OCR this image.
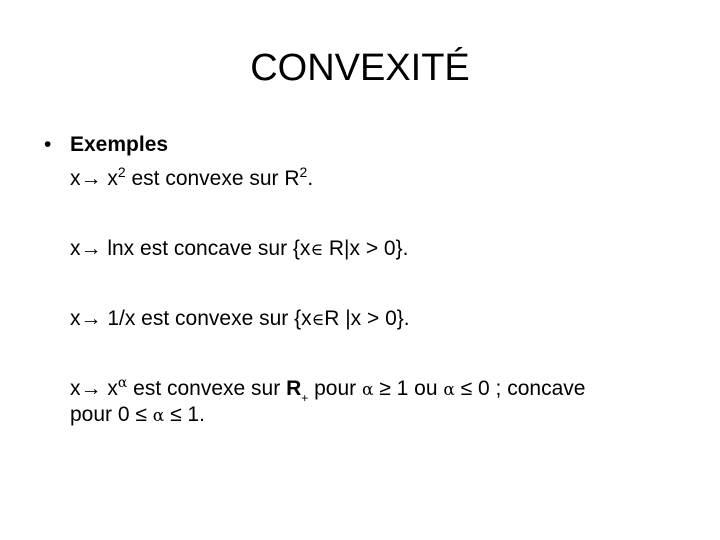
CONVEXITÉ
• Exemples
$x\to x^2$ est convexe sur $R^2$.
x→ lnx est concave sur {x∈ R|x > 0}.
x→ 1/x est convexe sur {x∈R |x > 0}.
$x\to x^\alpha$ est convexe sur $R_+$ pour α ≥ 1 ou α ≤ 0 ; concave
pour 0 ≤ α ≤ 1.
